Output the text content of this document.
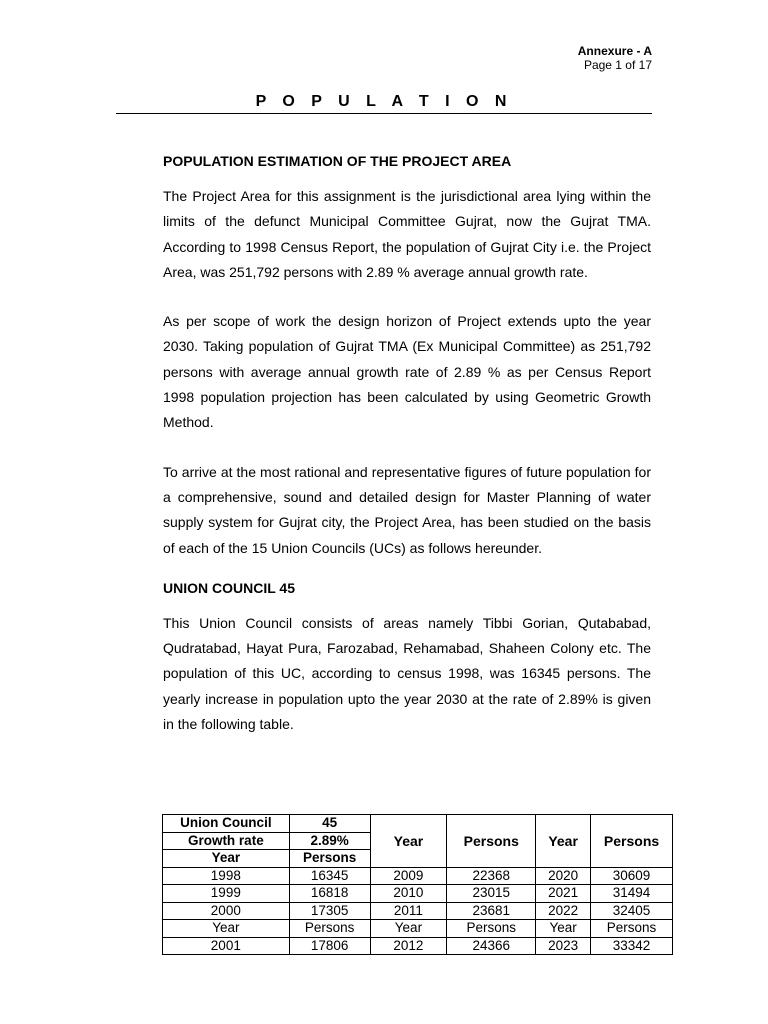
Annexure - A
Page 1 of 17
P O P U L A T I O N

POPULATION ESTIMATION OF THE PROJECT AREA

The Project Area for this assignment is the jurisdictional area lying within the limits of the defunct Municipal Committee Gujrat, now the Gujrat TMA. According to 1998 Census Report, the population of Gujrat City i.e. the Project Area, was 251,792 persons with 2.89 % average annual growth rate.

As per scope of work the design horizon of Project extends upto the year 2030. Taking population of Gujrat TMA (Ex Municipal Committee) as 251,792 persons with average annual growth rate of 2.89 % as per Census Report 1998 population projection has been calculated by using Geometric Growth Method.

To arrive at the most rational and representative figures of future population for a comprehensive, sound and detailed design for Master Planning of water supply system for Gujrat city, the Project Area, has been studied on the basis of each of the 15 Union Councils (UCs) as follows hereunder.

UNION COUNCIL 45

This Union Council consists of areas namely Tibbi Gorian, Qutababad, Qudratabad, Hayat Pura, Farozabad, Rehamabad, Shaheen Colony etc. The population of this UC, according to census 1998, was 16345 persons. The yearly increase in population upto the year 2030 at the rate of 2.89% is given in the following table.

Union Council	45	Year	Persons	Year	Persons
Growth rate	2.89%				
Year	Persons				
1998	16345	2009	22368	2020	30609
1999	16818	2010	23015	2021	31494
2000	17305	2011	23681	2022	32405
Year	Persons	Year	Persons	Year	Persons
2001	17806	2012	24366	2023	33342
